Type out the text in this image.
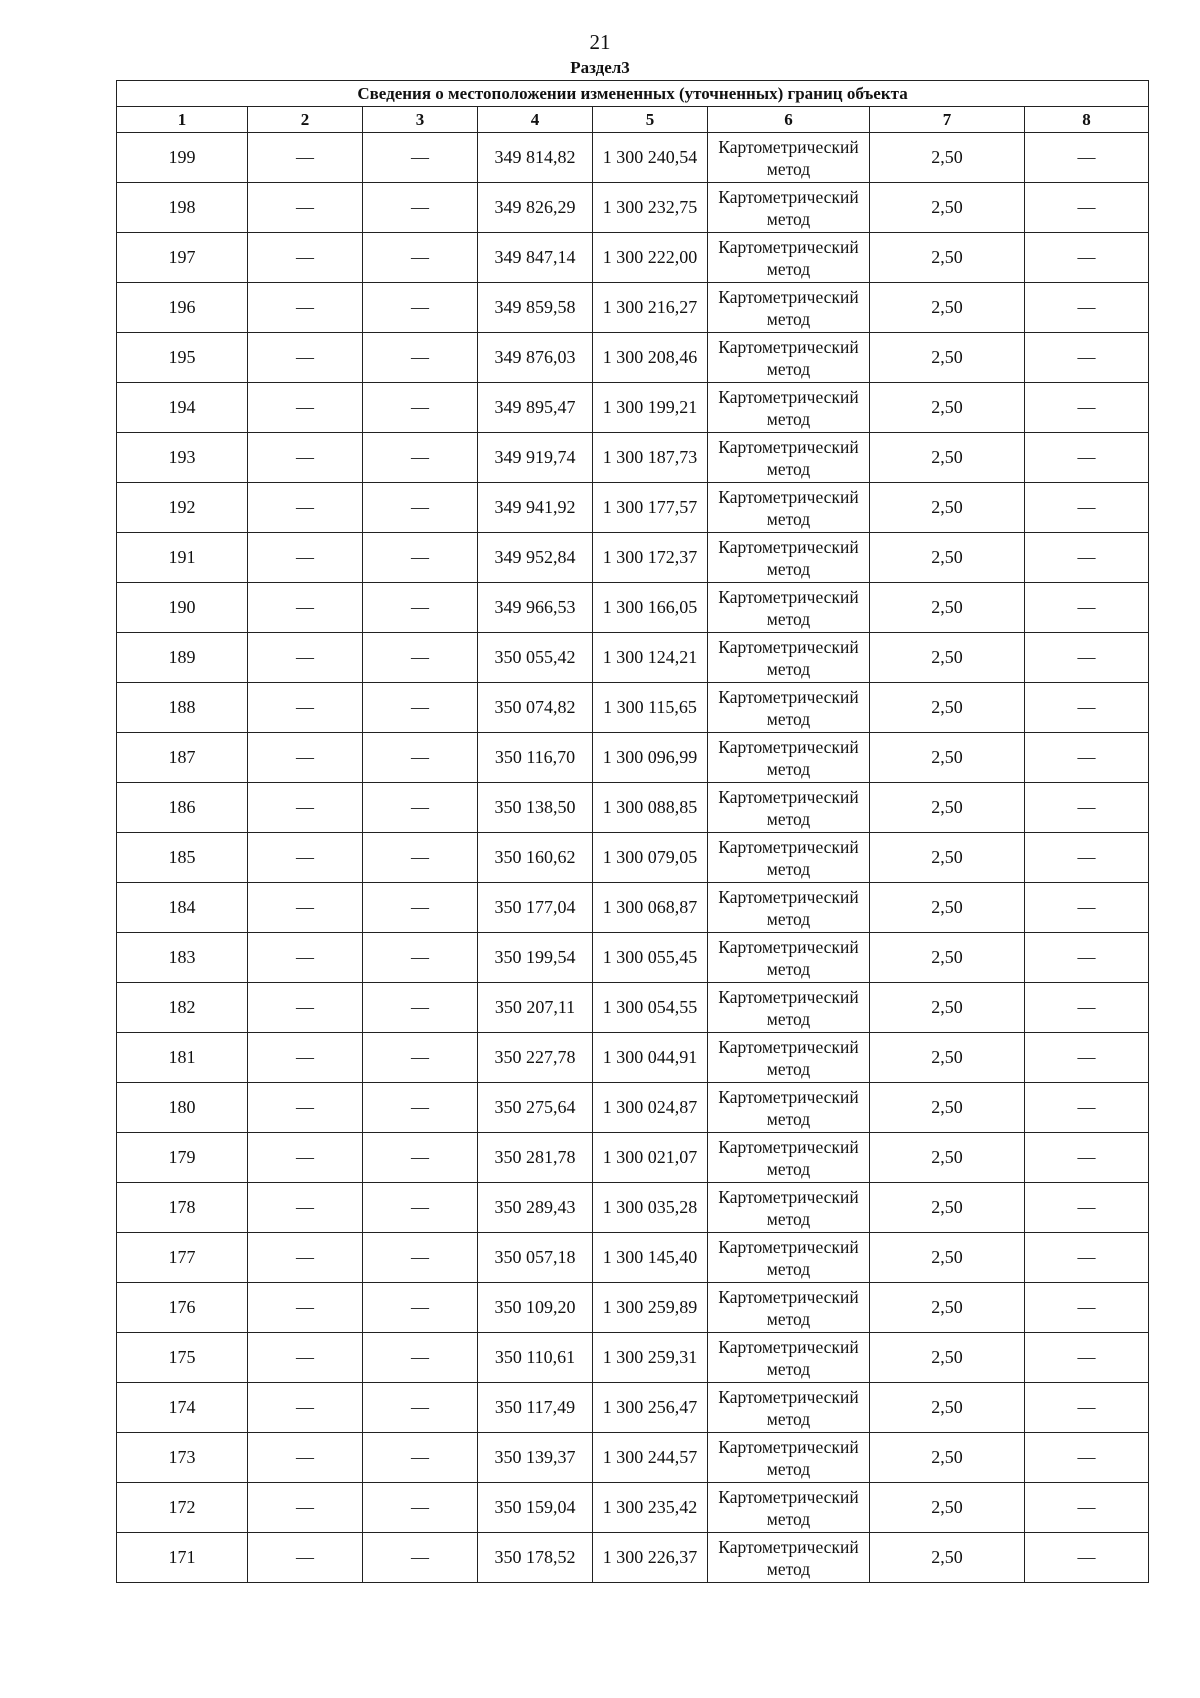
21
Раздел3
Сведения о местоположении измененных (уточненных) границ объекта							
1	2	3	4	5	6	7	8
199	—	—	349 814,82	1 300 240,54	Картометрический метод	2,50	—
198	—	—	349 826,29	1 300 232,75	Картометрический метод	2,50	—
197	—	—	349 847,14	1 300 222,00	Картометрический метод	2,50	—
196	—	—	349 859,58	1 300 216,27	Картометрический метод	2,50	—
195	—	—	349 876,03	1 300 208,46	Картометрический метод	2,50	—
194	—	—	349 895,47	1 300 199,21	Картометрический метод	2,50	—
193	—	—	349 919,74	1 300 187,73	Картометрический метод	2,50	—
192	—	—	349 941,92	1 300 177,57	Картометрический метод	2,50	—
191	—	—	349 952,84	1 300 172,37	Картометрический метод	2,50	—
190	—	—	349 966,53	1 300 166,05	Картометрический метод	2,50	—
189	—	—	350 055,42	1 300 124,21	Картометрический метод	2,50	—
188	—	—	350 074,82	1 300 115,65	Картометрический метод	2,50	—
187	—	—	350 116,70	1 300 096,99	Картометрический метод	2,50	—
186	—	—	350 138,50	1 300 088,85	Картометрический метод	2,50	—
185	—	—	350 160,62	1 300 079,05	Картометрический метод	2,50	—
184	—	—	350 177,04	1 300 068,87	Картометрический метод	2,50	—
183	—	—	350 199,54	1 300 055,45	Картометрический метод	2,50	—
182	—	—	350 207,11	1 300 054,55	Картометрический метод	2,50	—
181	—	—	350 227,78	1 300 044,91	Картометрический метод	2,50	—
180	—	—	350 275,64	1 300 024,87	Картометрический метод	2,50	—
179	—	—	350 281,78	1 300 021,07	Картометрический метод	2,50	—
178	—	—	350 289,43	1 300 035,28	Картометрический метод	2,50	—
177	—	—	350 057,18	1 300 145,40	Картометрический метод	2,50	—
176	—	—	350 109,20	1 300 259,89	Картометрический метод	2,50	—
175	—	—	350 110,61	1 300 259,31	Картометрический метод	2,50	—
174	—	—	350 117,49	1 300 256,47	Картометрический метод	2,50	—
173	—	—	350 139,37	1 300 244,57	Картометрический метод	2,50	—
172	—	—	350 159,04	1 300 235,42	Картометрический метод	2,50	—
171	—	—	350 178,52	1 300 226,37	Картометрический метод	2,50	—
